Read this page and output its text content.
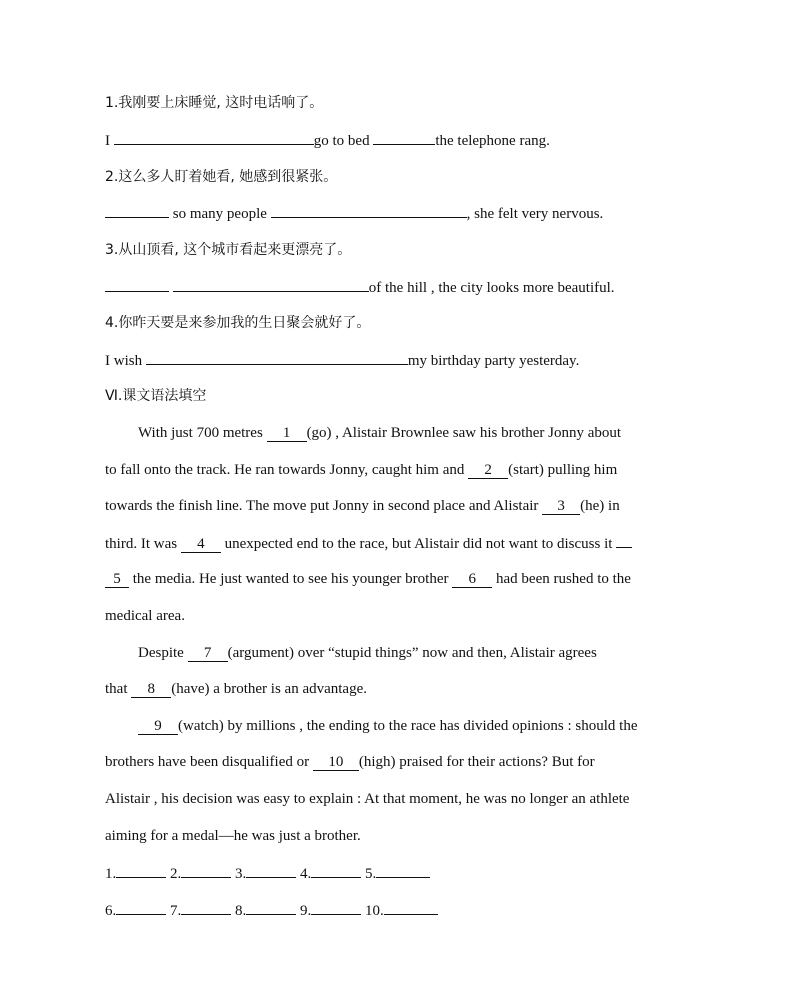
1.我刚要上床睡觉, 这时电话响了。
I	go to bed	the telephone rang.
2.这么多人盯着她看, 她感到很紧张。
so many people	, she felt very nervous.
3.从山顶看, 这个城市看起来更漂亮了。
of the hill , the city looks more beautiful.
4.你昨天要是来参加我的生日聚会就好了。
I wish	my birthday party yesterday.
Ⅵ.课文语法填空
With just 700 metres 1 (go) , Alistair Brownlee saw his brother Jonny about
to fall onto the track. He ran towards Jonny, caught him and 2 (start) pulling him
towards the finish line. The move put Jonny in second place and Alistair 3 (he) in
third. It was 4 unexpected end to the race, but Alistair did not want to discuss it
5 the media. He just wanted to see his younger brother 6 had been rushed to the
medical area.
Despite 7 (argument) over “stupid things” now and then, Alistair agrees
that 8 (have) a brother is an advantage.
9 (watch) by millions , the ending to the race has divided opinions : should the
brothers have been disqualified or 10 (high) praised for their actions? But for
Alistair , his decision was easy to explain : At that moment, he was no longer an athlete
aiming for a medal—he was just a brother.
1.	2.	3.	4.	5.
6.	7.	8.	9.	10.
